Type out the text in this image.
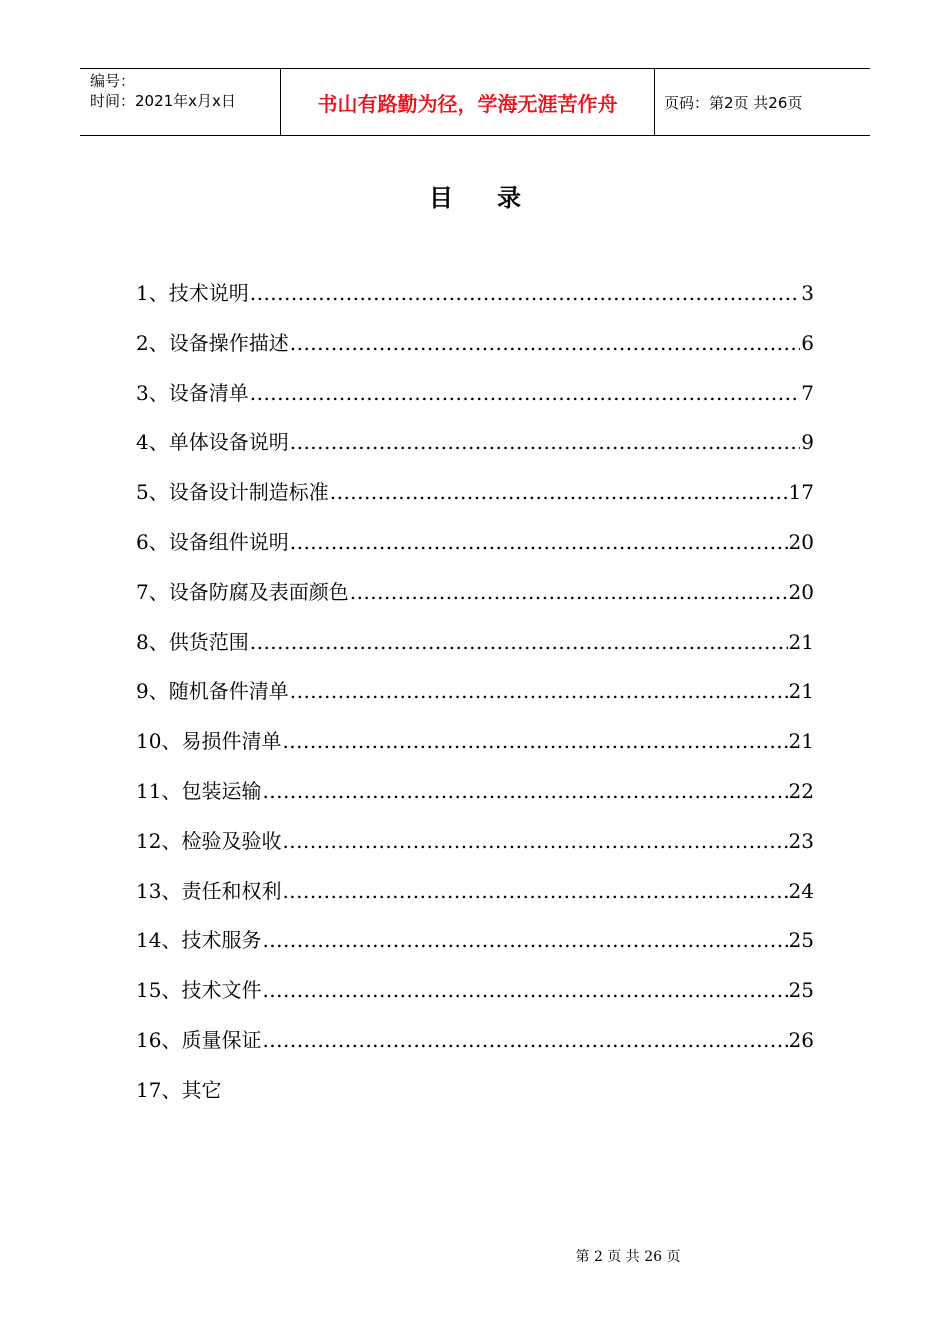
编号：
时间：2021年x月x日	书山有路勤为径，学海无涯苦作舟	页码：第2页 共26页
目 录
1、技术说明 .....	3
2、设备操作描述 .....	6
3、设备清单 .....	7
4、单体设备说明 .....	9
5、设备设计制造标准 .....	17
6、设备组件说明 .....	20
7、设备防腐及表面颜色 .....	20
8、供货范围 .....	21
9、随机备件清单 .....	21
10、易损件清单 .....	21
11、包装运输 .....	22
12、检验及验收 .....	23
13、责任和权利 .....	24
14、技术服务 .....	25
15、技术文件 .....	25
16、质量保证 .....	26
17、其它
第 2 页 共 26 页
